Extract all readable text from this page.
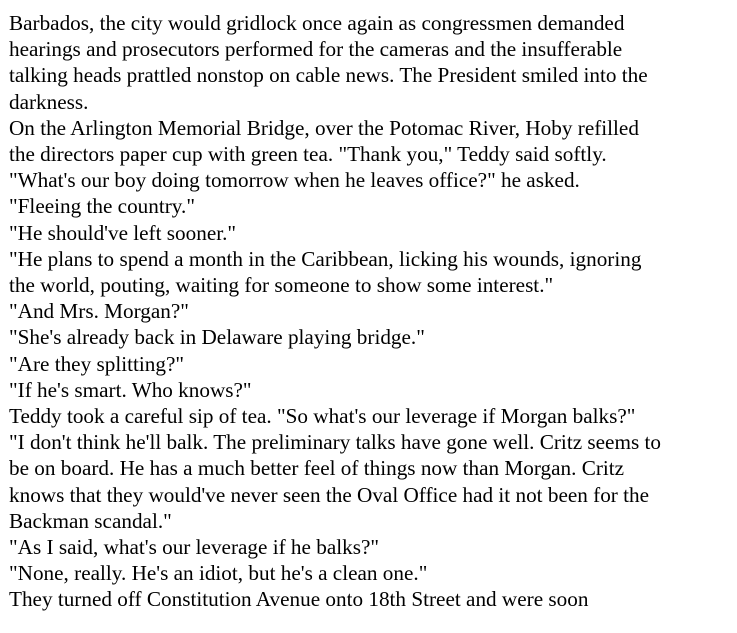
Barbados, the city would gridlock once again as congressmen demanded
hearings and prosecutors performed for the cameras and the insufferable
talking heads prattled nonstop on cable news. The President smiled into the
darkness.
On the Arlington Memorial Bridge, over the Potomac River, Hoby refilled
the directors paper cup with green tea. "Thank you," Teddy said softly.
"What's our boy doing tomorrow when he leaves office?" he asked.
"Fleeing the country."
"He should've left sooner."
"He plans to spend a month in the Caribbean, licking his wounds, ignoring
the world, pouting, waiting for someone to show some interest."
"And Mrs. Morgan?"
"She's already back in Delaware playing bridge."
"Are they splitting?"
"If he's smart. Who knows?"
Teddy took a careful sip of tea. "So what's our leverage if Morgan balks?"
"I don't think he'll balk. The preliminary talks have gone well. Critz seems to
be on board. He has a much better feel of things now than Morgan. Critz
knows that they would've never seen the Oval Office had it not been for the
Backman scandal."
"As I said, what's our leverage if he balks?"
"None, really. He's an idiot, but he's a clean one."
They turned off Constitution Avenue onto 18th Street and were soon
